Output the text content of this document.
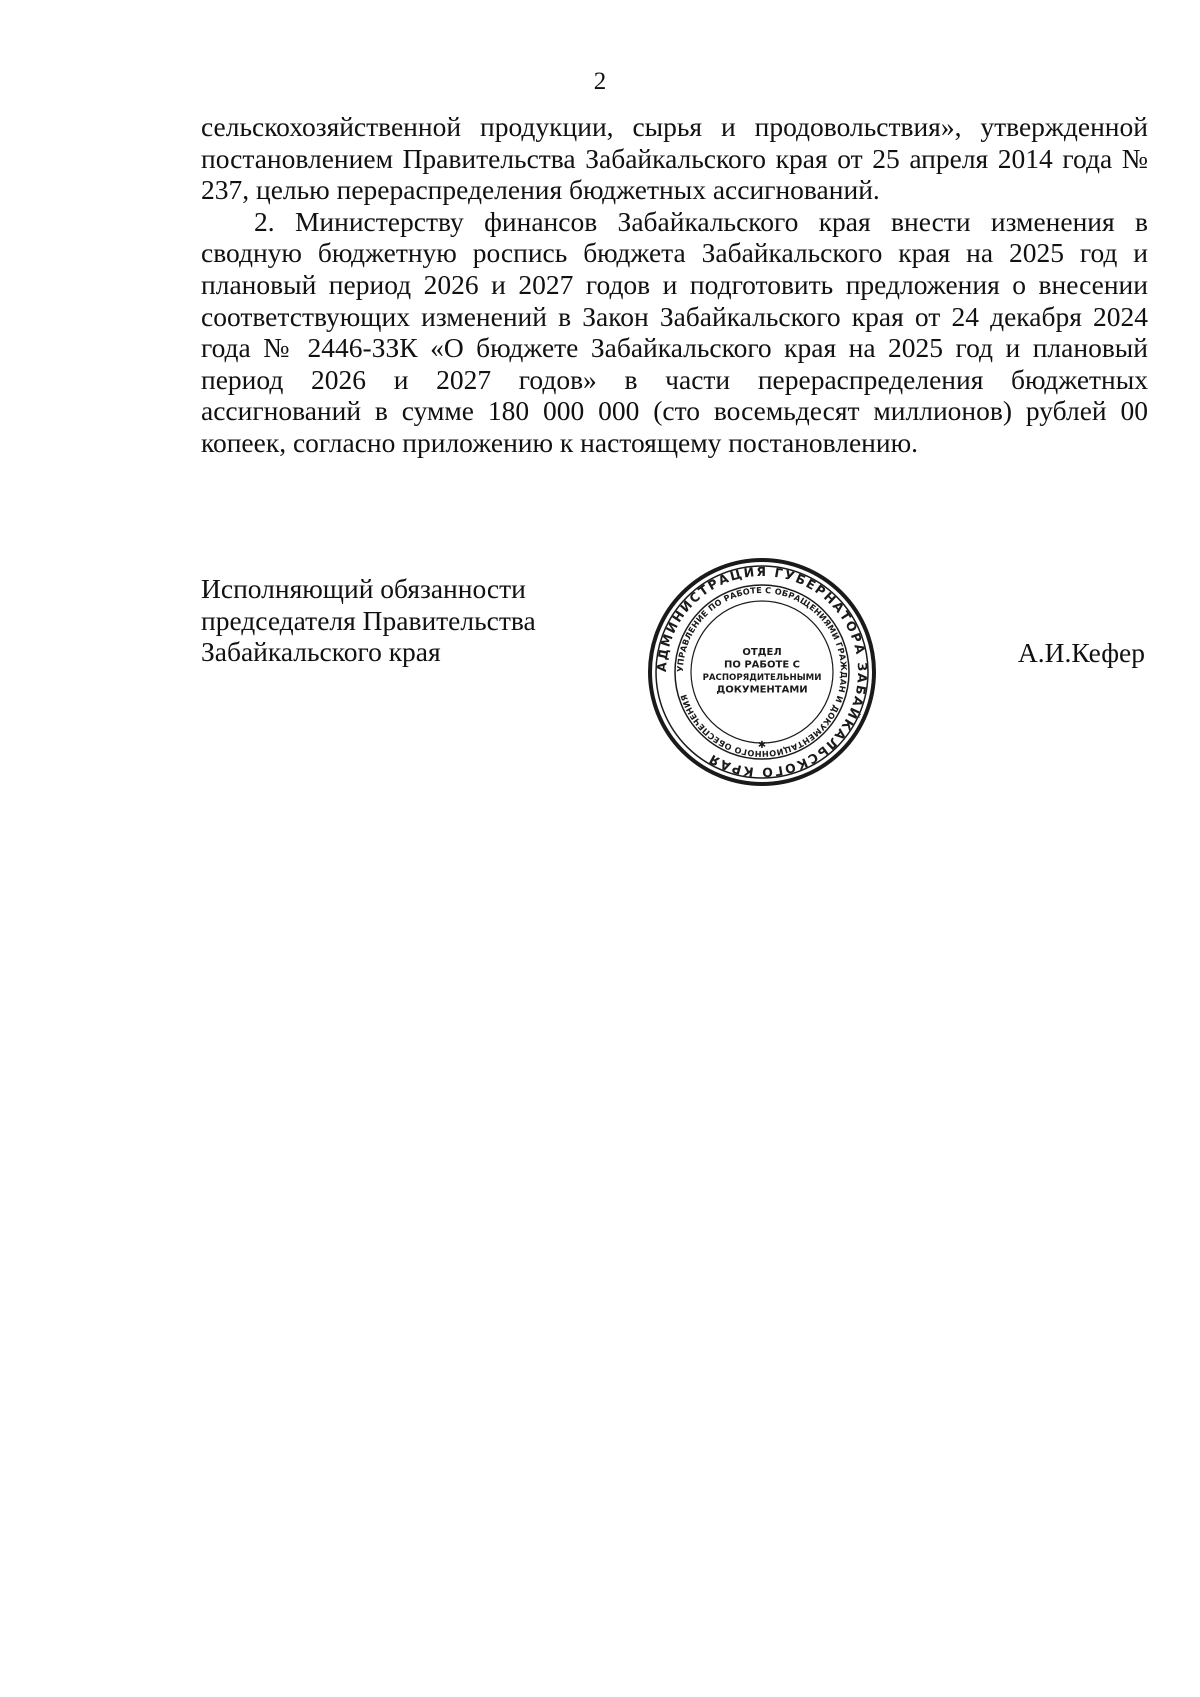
2

сельскохозяйственной продукции, сырья и продовольствия», утвержденной постановлением Правительства Забайкальского края от 25 апреля 2014 года № 237, целью перераспределения бюджетных ассигнований.

2. Министерству финансов Забайкальского края внести изменения в сводную бюджетную роспись бюджета Забайкальского края на 2025 год и плановый период 2026 и 2027 годов и подготовить предложения о внесении соответствующих изменений в Закон Забайкальского края от 24 декабря 2024 года № 2446-ЗЗК «О бюджете Забайкальского края на 2025 год и плановый период 2026 и 2027 годов» в части перераспределения бюджетных ассигнований в сумме 180 000 000 (сто восемьдесят миллионов) рублей 00 копеек, согласно приложению к настоящему постановлению.

Исполняющий обязанности
председателя Правительства
Забайкальского края	АДМИНИСТРАЦИЯ ГУБЕРНАТОРА ЗАБАЙКАЛЬСКОГО КРАЯ
УПРАВЛЕНИЕ ПО РАБОТЕ С ОБРАЩЕНИЯМИ ГРАЖДАН И ДОКУМЕНТАЦИОННОГО ОБЕСПЕЧЕНИЯ
ОТДЕЛ
ПО РАБОТЕ С
РАСПОРЯДИТЕЛЬНЫМИ
ДОКУМЕНТАМИ
✱
А.И.Кефер
